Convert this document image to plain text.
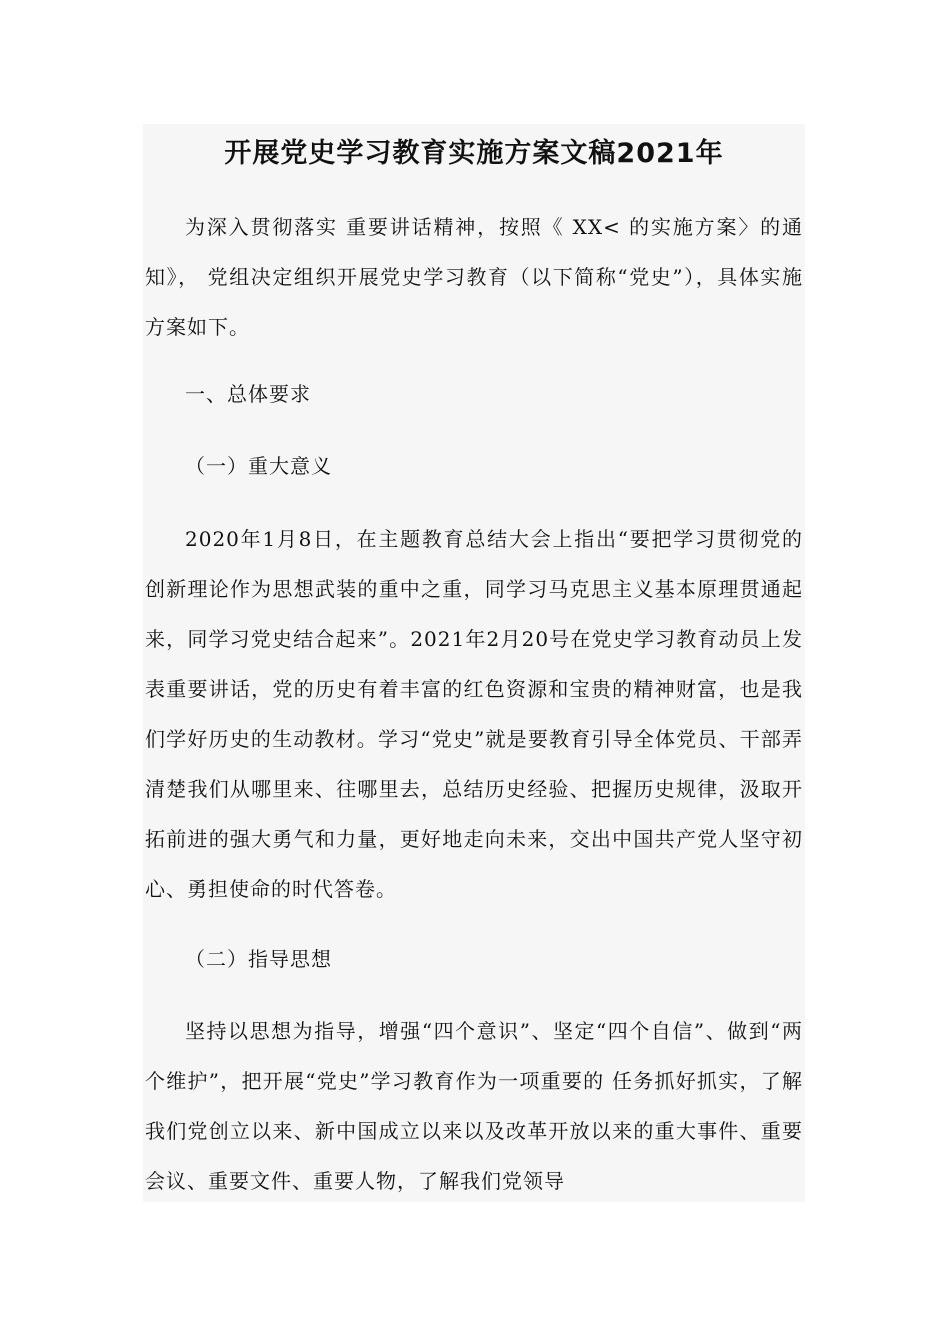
开展党史学习教育实施方案文稿2021年

为深入贯彻落实 重要讲话精神，按照《 XX< 的实施方案〉的通知》， 党组决定组织开展党史学习教育（以下简称“党史”），具体实施方案如下。

一、总体要求

（一）重大意义

2020年1月8日，在主题教育总结大会上指出“要把学习贯彻党的创新理论作为思想武装的重中之重，同学习马克思主义基本原理贯通起来，同学习党史结合起来”。2021年2月20号在党史学习教育动员上发表重要讲话，党的历史有着丰富的红色资源和宝贵的精神财富，也是我们学好历史的生动教材。学习“党史”就是要教育引导全体党员、干部弄清楚我们从哪里来、往哪里去，总结历史经验、把握历史规律，汲取开拓前进的强大勇气和力量，更好地走向未来，交出中国共产党人坚守初心、勇担使命的时代答卷。

（二）指导思想

坚持以思想为指导，增强“四个意识”、坚定“四个自信”、做到“两个维护”，把开展“党史”学习教育作为一项重要的 任务抓好抓实，了解我们党创立以来、新中国成立以来以及改革开放以来的重大事件、重要会议、重要文件、重要人物，了解我们党领导
